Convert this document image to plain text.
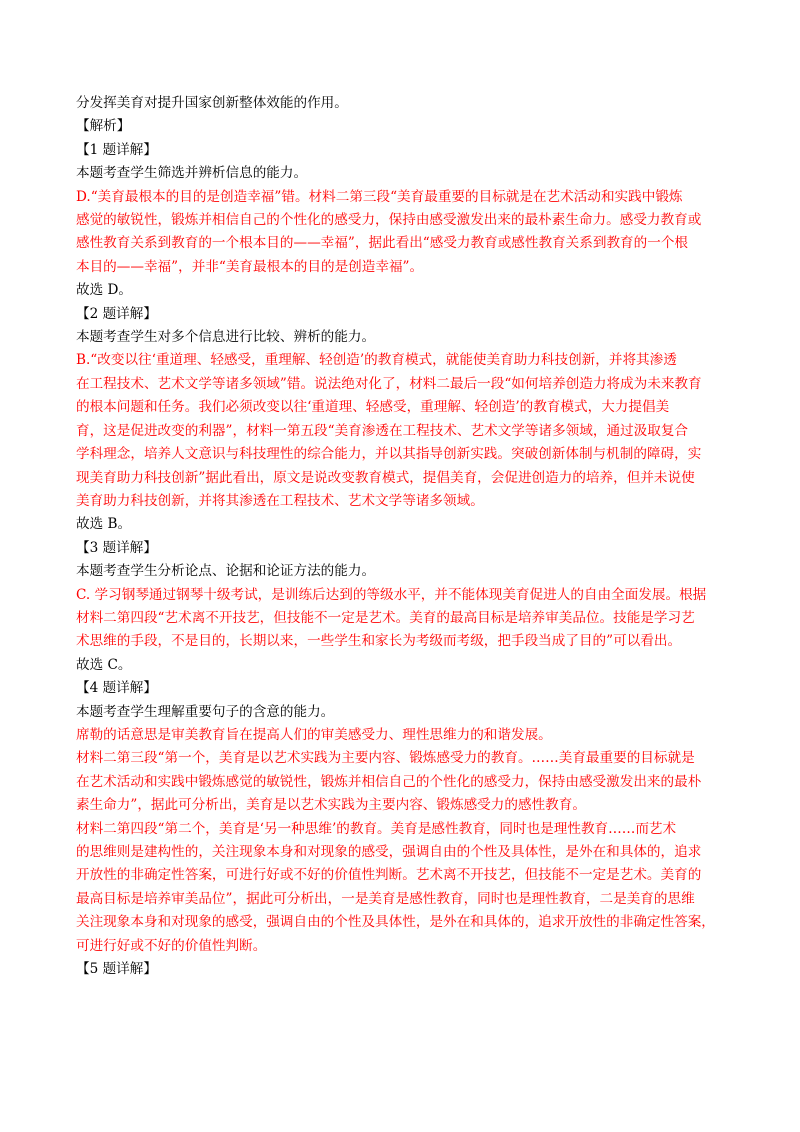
分发挥美育对提升国家创新整体效能的作用。

【解析】

【1 题详解】

本题考查学生筛选并辨析信息的能力。

D.“美育最根本的目的是创造幸福”错。材料二第三段“美育最重要的目标就是在艺术活动和实践中锻炼

感觉的敏锐性，锻炼并相信自己的个性化的感受力，保持由感受激发出来的最朴素生命力。感受力教育或

感性教育关系到教育的一个根本目的——幸福”，据此看出“感受力教育或感性教育关系到教育的一个根

本目的——幸福”，并非“美育最根本的目的是创造幸福”。

故选 D。

【2 题详解】

本题考查学生对多个信息进行比较、辨析的能力。

B.“改变以往‘重道理、轻感受，重理解、轻创造’的教育模式，就能使美育助力科技创新，并将其渗透

在工程技术、艺术文学等诸多领域”错。说法绝对化了，材料二最后一段“如何培养创造力将成为未来教育

的根本问题和任务。我们必须改变以往‘重道理、轻感受，重理解、轻创造’的教育模式，大力提倡美

育，这是促进改变的利器”，材料一第五段“美育渗透在工程技术、艺术文学等诸多领域，通过汲取复合

学科理念，培养人文意识与科技理性的综合能力，并以其指导创新实践。突破创新体制与机制的障碍，实

现美育助力科技创新”据此看出，原文是说改变教育模式，提倡美育，会促进创造力的培养，但并未说使

美育助力科技创新，并将其渗透在工程技术、艺术文学等诸多领域。

故选 B。

【3 题详解】

本题考查学生分析论点、论据和论证方法的能力。

C. 学习钢琴通过钢琴十级考试，是训练后达到的等级水平，并不能体现美育促进人的自由全面发展。根据

材料二第四段“艺术离不开技艺，但技能不一定是艺术。美育的最高目标是培养审美品位。技能是学习艺

术思维的手段，不是目的，长期以来，一些学生和家长为考级而考级，把手段当成了目的”可以看出。

故选 C。

【4 题详解】

本题考查学生理解重要句子的含意的能力。

席勒的话意思是审美教育旨在提高人们的审美感受力、理性思维力的和谐发展。

材料二第三段“第一个，美育是以艺术实践为主要内容、锻炼感受力的教育。……美育最重要的目标就是

在艺术活动和实践中锻炼感觉的敏锐性，锻炼并相信自己的个性化的感受力，保持由感受激发出来的最朴

素生命力”，据此可分析出，美育是以艺术实践为主要内容、锻炼感受力的感性教育。

材料二第四段“第二个，美育是‘另一种思维’的教育。美育是感性教育，同时也是理性教育……而艺术

的思维则是建构性的，关注现象本身和对现象的感受，强调自由的个性及具体性，是外在和具体的，追求

开放性的非确定性答案，可进行好或不好的价值性判断。艺术离不开技艺，但技能不一定是艺术。美育的

最高目标是培养审美品位”，据此可分析出，一是美育是感性教育，同时也是理性教育，二是美育的思维

关注现象本身和对现象的感受，强调自由的个性及具体性，是外在和具体的，追求开放性的非确定性答案，

可进行好或不好的价值性判断。

【5 题详解】
